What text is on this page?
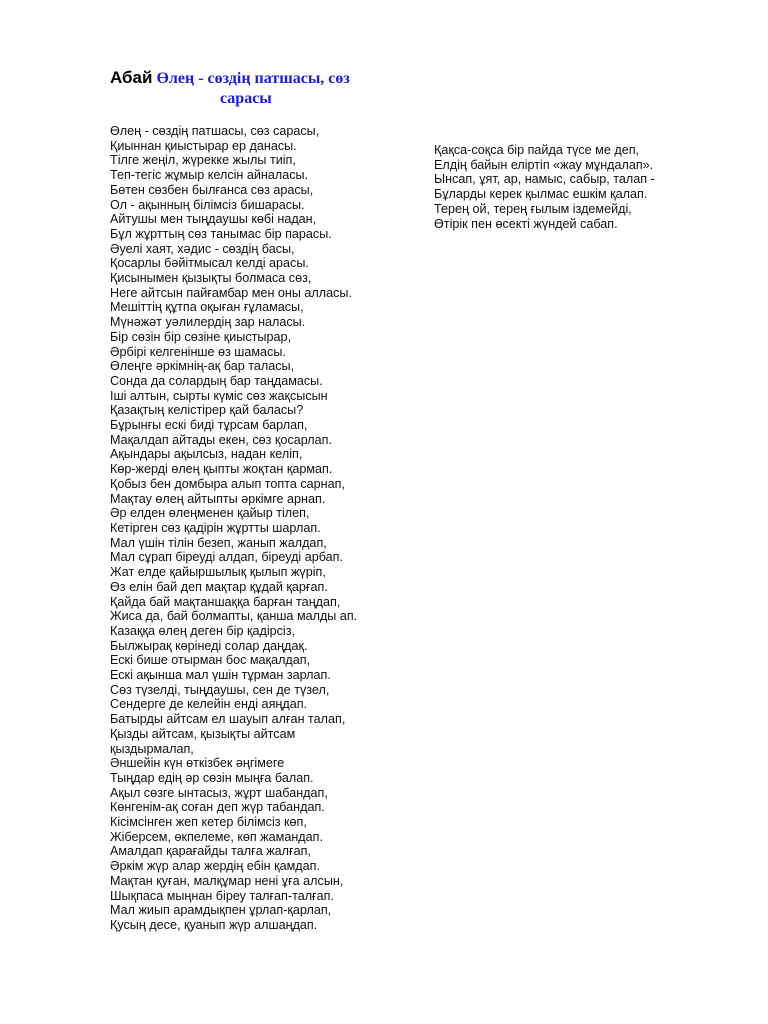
Абай Өлең - сөздің патшасы, сөз
сарасы
Өлең - сөздің патшасы, сөз сарасы,
Қиыннан қиыстырар ер данасы.
Тілге жеңіл, жүрекке жылы тиіп,
Теп-тегіс жұмыр келсін айналасы.
Бөтен сөзбен былғанса сөз арасы,
Ол - ақынның білімсіз бишарасы.
Айтушы мен тыңдаушы көбі надан,
Бұл жұрттың сөз танымас бір парасы.
Әуелі хаят, хәдис - сөздің басы,
Қосарлы бәйітмысал келді арасы.
Қисынымен қызықты болмаса сөз,
Неге айтсын пайғамбар мен оны алласы.
Мешіттің құтпа оқыған ғұламасы,
Мүнәжәт уәлилердің зар наласы.
Бір сөзін бір сөзіне қиыстырар,
Әрбірі келгенінше өз шамасы.
Өлеңге әркімнің-ақ бар таласы,
Сонда да солардың бар таңдамасы.
Іші алтын, сырты күміс сөз жақсысын
Қазақтың келістірер қай баласы?
Бұрынғы ескі биді тұрсам барлап,
Мақалдап айтады екен, сөз қосарлап.
Ақындары ақылсыз, надан келіп,
Көр-жерді өлең қыпты жоқтан қармап.
Қобыз бен домбыра алып топта сарнап,
Мақтау өлең айтыпты әркімге арнап.
Әр елден өлеңменен қайыр тілеп,
Кетірген сөз қадірін жұртты шарлап.
Мал үшін тілін безеп, жанып жалдап,
Мал сұрап біреуді алдап, біреуді арбап.
Жат елде қайыршылық қылып жүріп,
Өз елін бай деп мақтар құдай қарғап.
Қайда бай мақтаншаққа барған таңдап,
Жиса да, бай болмапты, қанша малды ап.
Казаққа өлең деген бір қадірсіз,
Былжырақ көрінеді солар даңдақ.
Ескі бише отырман бос мақалдап,
Ескі ақынша мал үшін тұрман зарлап.
Сөз түзелді, тыңдаушы, сен де түзел,
Сендерге де келейін енді аяңдап.
Батырды айтсам ел шауып алған талап,
Қызды айтсам, қызықты айтсам
қыздырмалап,
Әншейін күн өткізбек әңгімеге
Тыңдар едің әр сөзін мыңға балап.
Ақыл сөзге ынтасыз, жұрт шабандап,
Көнгенім-ақ соған деп жүр табандап.
Кісімсінген жеп кетер білімсіз көп,
Жіберсем, өкпелеме, көп жамандап.
Амалдап қарағайды талға жалғап,
Әркім жүр алар жердің ебін қамдап.
Мақтан қуған, малқұмар нені ұға алсын,
Шықпаса мыңнан біреу талғап-талғап.
Мал жиып арамдықпен ұрлап-қарлап,
Қусың десе, қуанып жүр алшаңдап.
Қақса-соқса бір пайда түсе ме деп,
Елдің байын еліртіп «жау мұндалап».
Ынсап, ұят, ар, намыс, сабыр, талап -
Бұларды керек қылмас ешкім қалап.
Терең ой, терең ғылым іздемейді,
Өтірік пен өсекті жүндей сабап.
